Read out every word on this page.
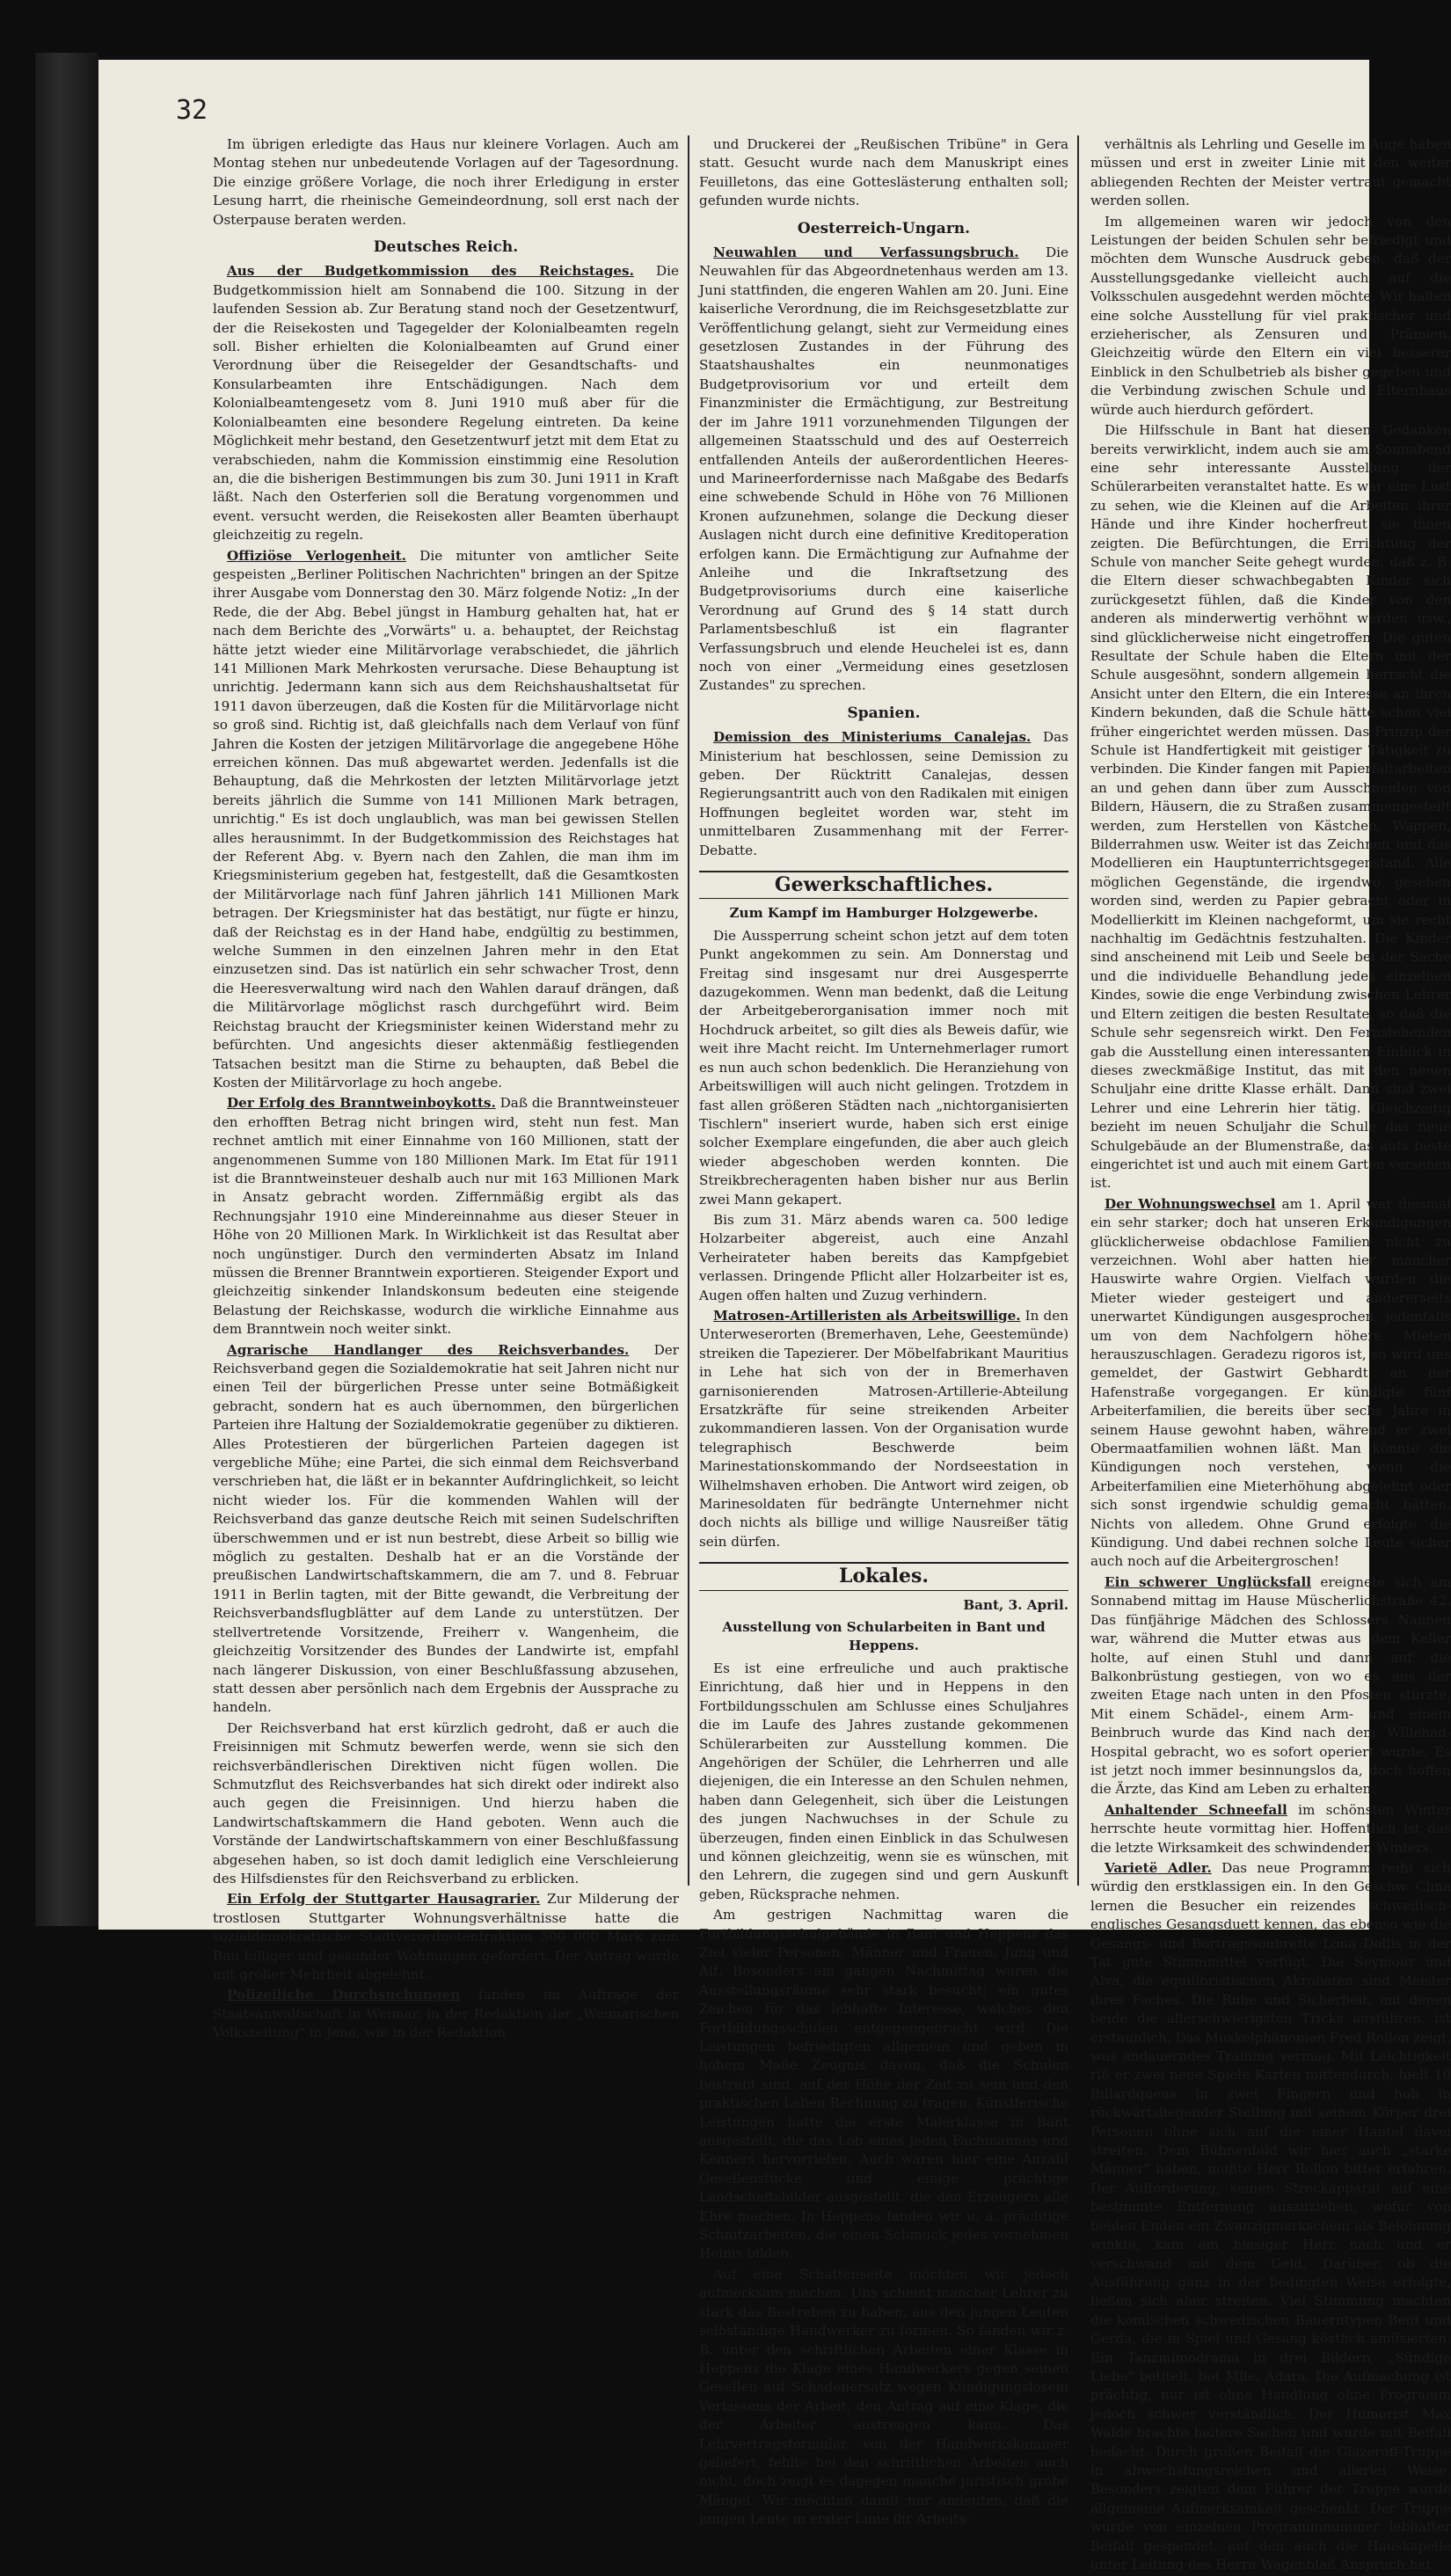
32

Im übrigen erledigte das Haus nur kleinere Vorlagen. Auch am Montag stehen nur unbedeutende Vorlagen auf der Tagesordnung. Die einzige größere Vorlage, die noch ihrer Erledigung in erster Lesung harrt, die rheinische Gemeindeordnung, soll erst nach der Osterpause beraten werden.

Deutsches Reich.

Aus der Budgetkommission des Reichstages. Die Budgetkommission hielt am Sonnabend die 100. Sitzung in der laufenden Session ab. Zur Beratung stand noch der Gesetzentwurf, der die Reisekosten und Tagegelder der Kolonialbeamten regeln soll. Bisher erhielten die Kolonialbeamten auf Grund einer Verordnung über die Reisegelder der Gesandtschafts- und Konsularbeamten ihre Entschädigungen. Nach dem Kolonialbeamtengesetz vom 8. Juni 1910 muß aber für die Kolonialbeamten eine besondere Regelung eintreten. Da keine Möglichkeit mehr bestand, den Gesetzentwurf jetzt mit dem Etat zu verabschieden, nahm die Kommission einstimmig eine Resolution an, die die bisherigen Bestimmungen bis zum 30. Juni 1911 in Kraft läßt. Nach den Osterferien soll die Beratung vorgenommen und event. versucht werden, die Reisekosten aller Beamten überhaupt gleichzeitig zu regeln.

Offiziöse Verlogenheit. Die mitunter von amtlicher Seite gespeisten „Berliner Politischen Nachrichten" bringen an der Spitze ihrer Ausgabe vom Donnerstag den 30. März folgende Notiz: „In der Rede, die der Abg. Bebel jüngst in Hamburg gehalten hat, hat er nach dem Berichte des „Vorwärts" u. a. behauptet, der Reichstag hätte jetzt wieder eine Militärvorlage verabschiedet, die jährlich 141 Millionen Mark Mehrkosten verursache. Diese Behauptung ist unrichtig. Jedermann kann sich aus dem Reichshaushaltsetat für 1911 davon überzeugen, daß die Kosten für die Militärvorlage nicht so groß sind. Richtig ist, daß gleichfalls nach dem Verlauf von fünf Jahren die Kosten der jetzigen Militärvorlage die angegebene Höhe erreichen können. Das muß abgewartet werden. Jedenfalls ist die Behauptung, daß die Mehrkosten der letzten Militärvorlage jetzt bereits jährlich die Summe von 141 Millionen Mark betragen, unrichtig." Es ist doch unglaublich, was man bei gewissen Stellen alles herausnimmt. In der Budgetkommission des Reichstages hat der Referent Abg. v. Byern nach den Zahlen, die man ihm im Kriegsministerium gegeben hat, festgestellt, daß die Gesamtkosten der Militärvorlage nach fünf Jahren jährlich 141 Millionen Mark betragen. Der Kriegsminister hat das bestätigt, nur fügte er hinzu, daß der Reichstag es in der Hand habe, endgültig zu bestimmen, welche Summen in den einzelnen Jahren mehr in den Etat einzusetzen sind. Das ist natürlich ein sehr schwacher Trost, denn die Heeresverwaltung wird nach den Wahlen darauf drängen, daß die Militärvorlage möglichst rasch durchgeführt wird. Beim Reichstag braucht der Kriegsminister keinen Widerstand mehr zu befürchten. Und angesichts dieser aktenmäßig festliegenden Tatsachen besitzt man die Stirne zu behaupten, daß Bebel die Kosten der Militärvorlage zu hoch angebe.

Der Erfolg des Branntweinboykotts. Daß die Branntweinsteuer den erhofften Betrag nicht bringen wird, steht nun fest. Man rechnet amtlich mit einer Einnahme von 160 Millionen, statt der angenommenen Summe von 180 Millionen Mark. Im Etat für 1911 ist die Branntweinsteuer deshalb auch nur mit 163 Millionen Mark in Ansatz gebracht worden. Ziffernmäßig ergibt als das Rechnungsjahr 1910 eine Mindereinnahme aus dieser Steuer in Höhe von 20 Millionen Mark. In Wirklichkeit ist das Resultat aber noch ungünstiger. Durch den verminderten Absatz im Inland müssen die Brenner Branntwein exportieren. Steigender Export und gleichzeitig sinkender Inlandskonsum bedeuten eine steigende Belastung der Reichskasse, wodurch die wirkliche Einnahme aus dem Branntwein noch weiter sinkt.

Agrarische Handlanger des Reichsverbandes. Der Reichsverband gegen die Sozialdemokratie hat seit Jahren nicht nur einen Teil der bürgerlichen Presse unter seine Botmäßigkeit gebracht, sondern hat es auch übernommen, den bürgerlichen Parteien ihre Haltung der Sozialdemokratie gegenüber zu diktieren. Alles Protestieren der bürgerlichen Parteien dagegen ist vergebliche Mühe; eine Partei, die sich einmal dem Reichsverband verschrieben hat, die läßt er in bekannter Aufdringlichkeit, so leicht nicht wieder los. Für die kommenden Wahlen will der Reichsverband das ganze deutsche Reich mit seinen Sudelschriften überschwemmen und er ist nun bestrebt, diese Arbeit so billig wie möglich zu gestalten. Deshalb hat er an die Vorstände der preußischen Landwirtschaftskammern, die am 7. und 8. Februar 1911 in Berlin tagten, mit der Bitte gewandt, die Verbreitung der Reichsverbandsflugblätter auf dem Lande zu unterstützen. Der stellvertretende Vorsitzende, Freiherr v. Wangenheim, die gleichzeitig Vorsitzender des Bundes der Landwirte ist, empfahl nach längerer Diskussion, von einer Beschlußfassung abzusehen, statt dessen aber persönlich nach dem Ergebnis der Aussprache zu handeln.

Der Reichsverband hat erst kürzlich gedroht, daß er auch die Freisinnigen mit Schmutz bewerfen werde, wenn sie sich den reichsverbändlerischen Direktiven nicht fügen wollen. Die Schmutzflut des Reichsverbandes hat sich direkt oder indirekt also auch gegen die Freisinnigen. Und hierzu haben die Landwirtschaftskammern die Hand geboten. Wenn auch die Vorstände der Landwirtschaftskammern von einer Beschlußfassung abgesehen haben, so ist doch damit lediglich eine Verschleierung des Hilfsdienstes für den Reichsverband zu erblicken.

Ein Erfolg der Stuttgarter Hausagrarier. Zur Milderung der trostlosen Stuttgarter Wohnungsverhältnisse hatte die sozialdemokratische Stadtverordnetenfraktion 500 000 Mark zum Bau billiger und gesunder Wohnungen gefordert. Der Antrag wurde mit großer Mehrheit abgelehnt.

Polizeiliche Durchsuchungen fanden im Auftrage der Staatsanwaltschaft in Weimar, in der Redaktion der „Weimarischen Volkszeitung" in Jena, wie in der Redaktion

und Druckerei der „Reußischen Tribüne" in Gera statt. Gesucht wurde nach dem Manuskript eines Feuilletons, das eine Gotteslästerung enthalten soll; gefunden wurde nichts.

Oesterreich-Ungarn.

Neuwahlen und Verfassungsbruch. Die Neuwahlen für das Abgeordnetenhaus werden am 13. Juni stattfinden, die engeren Wahlen am 20. Juni. Eine kaiserliche Verordnung, die im Reichsgesetzblatte zur Veröffentlichung gelangt, sieht zur Vermeidung eines gesetzlosen Zustandes in der Führung des Staatshaushaltes ein neunmonatiges Budgetprovisorium vor und erteilt dem Finanzminister die Ermächtigung, zur Bestreitung der im Jahre 1911 vorzunehmenden Tilgungen der allgemeinen Staatsschuld und des auf Oesterreich entfallenden Anteils der außerordentlichen Heeres- und Marineerfordernisse nach Maßgabe des Bedarfs eine schwebende Schuld in Höhe von 76 Millionen Kronen aufzunehmen, solange die Deckung dieser Auslagen nicht durch eine definitive Kreditoperation erfolgen kann. Die Ermächtigung zur Aufnahme der Anleihe und die Inkraftsetzung des Budgetprovisoriums durch eine kaiserliche Verordnung auf Grund des § 14 statt durch Parlamentsbeschluß ist ein flagranter Verfassungsbruch und elende Heuchelei ist es, dann noch von einer „Vermeidung eines gesetzlosen Zustandes" zu sprechen.

Spanien.

Demission des Ministeriums Canalejas. Das Ministerium hat beschlossen, seine Demission zu geben. Der Rücktritt Canalejas, dessen Regierungsantritt auch von den Radikalen mit einigen Hoffnungen begleitet worden war, steht im unmittelbaren Zusammenhang mit der Ferrer-Debatte.

Gewerkschaftliches.

Zum Kampf im Hamburger Holzgewerbe.

Die Aussperrung scheint schon jetzt auf dem toten Punkt angekommen zu sein. Am Donnerstag und Freitag sind insgesamt nur drei Ausgesperrte dazugekommen. Wenn man bedenkt, daß die Leitung der Arbeitgeberorganisation immer noch mit Hochdruck arbeitet, so gilt dies als Beweis dafür, wie weit ihre Macht reicht. Im Unternehmerlager rumort es nun auch schon bedenklich. Die Heranziehung von Arbeitswilligen will auch nicht gelingen. Trotzdem in fast allen größeren Städten nach „nichtorganisierten Tischlern" inseriert wurde, haben sich erst einige solcher Exemplare eingefunden, die aber auch gleich wieder abgeschoben werden konnten. Die Streikbrecheragenten haben bisher nur aus Berlin zwei Mann gekapert.

Bis zum 31. März abends waren ca. 500 ledige Holzarbeiter abgereist, auch eine Anzahl Verheirateter haben bereits das Kampfgebiet verlassen. Dringende Pflicht aller Holzarbeiter ist es, Augen offen halten und Zuzug verhindern.

Matrosen-Artilleristen als Arbeitswillige. In den Unterweserorten (Bremerhaven, Lehe, Geestemünde) streiken die Tapezierer. Der Möbelfabrikant Mauritius in Lehe hat sich von der in Bremerhaven garnisonierenden Matrosen-Artillerie-Abteilung Ersatzkräfte für seine streikenden Arbeiter zukommandieren lassen. Von der Organisation wurde telegraphisch Beschwerde beim Marinestationskommando der Nordseestation in Wilhelmshaven erhoben. Die Antwort wird zeigen, ob Marinesoldaten für bedrängte Unternehmer nicht doch nichts als billige und willige Nausreißer tätig sein dürfen.

Lokales.

Bant, 3. April.

Ausstellung von Schularbeiten in Bant und Heppens.

Es ist eine erfreuliche und auch praktische Einrichtung, daß hier und in Heppens in den Fortbildungsschulen am Schlusse eines Schuljahres die im Laufe des Jahres zustande gekommenen Schülerarbeiten zur Ausstellung kommen. Die Angehörigen der Schüler, die Lehrherren und alle diejenigen, die ein Interesse an den Schulen nehmen, haben dann Gelegenheit, sich über die Leistungen des jungen Nachwuchses in der Schule zu überzeugen, finden einen Einblick in das Schulwesen und können gleichzeitig, wenn sie es wünschen, mit den Lehrern, die zugegen sind und gern Auskunft geben, Rücksprache nehmen.

Am gestrigen Nachmittag waren die Fortbildungsschulgebäude in Bant und Heppens das Ziel vieler Personen, Männer und Frauen, Jung und Alt. Besonders am gangen Nachmittag waren die Ausstellungsräume sehr stark besucht; ein gutes Zeichen für das lebhafte Interesse, welches den Fortbildungsschulen entgegengebracht wird. Die Leistungen befriedigten allgemein und geben in hohem Maße Zeugnis davon, daß die Schulen bestrebt sind, auf der Höhe der Zeit zu sein und den praktischen Leben Rechnung zu tragen. Künstlerische Leistungen hatte die erste Malerklasse in Bant ausgestellt, die das Lob eines jeden Fachmannes und Kenners hervorriefen. Auch waren hier eine Anzahl Gesellenstücke und einige prächtige Landschaftsbilder ausgestellt, die den Erzeugern alle Ehre machen. In Heppens fanden wir u. a. prächtige Schnitzarbeiten, die einen Schmuck jedes vornehmen Heims bilden.

Auf eine Schattenseite möchten wir jedoch aufmerksam machen. Uns scheint mancher Lehrer zu stark das Bestreben zu haben, aus den jungen Leuten selbständige Handwerker zu formen. So fanden wir z. B. unter den schriftlichen Arbeiten einer Klasse in Heppens die Klage eines Handwerkers gegen seinen Gesellen auf Schadenersatz wegen Kündigungslosem Verlassens der Arbeit, den Antrag auf eine Klage, die der Arbeiter anstrengen kann. Das Lehrvertragsformular, von der Handwerkskammer geliefert, fehlte bei den schriftlichen Arbeiten auch nicht; doch zeigt es dagegen manche juristisch grobe Mängel. Wir möchten damit nur andeuten, daß die jungen Leute in erster Linie ihr Arbeits-

verhältnis als Lehrling und Geselle im Auge haben müssen und erst in zweiter Linie mit den weiter abliegenden Rechten der Meister vertraut gemacht werden sollen.

Im allgemeinen waren wir jedoch von den Leistungen der beiden Schulen sehr befriedigt und möchten dem Wunsche Ausdruck geben, daß der Ausstellungsgedanke vielleicht auch auf die Volksschulen ausgedehnt werden möchte. Wir halten eine solche Ausstellung für viel praktischer und erzieherischer, als Zensuren und Prämien. Gleichzeitig würde den Eltern ein viel besserer Einblick in den Schulbetrieb als bisher gegeben und die Verbindung zwischen Schule und Elternhaus würde auch hierdurch gefördert.

Die Hilfsschule in Bant hat diesen Gedanken bereits verwirklicht, indem auch sie am Sonnabend eine sehr interessante Ausstellung der Schülerarbeiten veranstaltet hatte. Es war eine Lust zu sehen, wie die Kleinen auf die Arbeiten ihrer Hände und ihre Kinder hocherfreut sie ihnen zeigten. Die Befürchtungen, die Errichtung der Schule von mancher Seite gehegt wurden, daß z. B. die Eltern dieser schwachbegabten Kinder sich zurückgesetzt fühlen, daß die Kinder von den anderen als minderwertig verhöhnt werden usw., sind glücklicherweise nicht eingetroffen. Die guten Resultate der Schule haben die Eltern mit der Schule ausgesöhnt, sondern allgemein herrscht die Ansicht unter den Eltern, die ein Interesse an ihren Kindern bekunden, daß die Schule hätte schon viel früher eingerichtet werden müssen. Das Prinzip der Schule ist Handfertigkeit mit geistiger Tätigkeit zu verbinden. Die Kinder fangen mit Papierfaltarbeiten an und gehen dann über zum Ausschneiden von Bildern, Häusern, die zu Straßen zusammengestellt werden, zum Herstellen von Kästchen, Wappen, Bilderrahmen usw. Weiter ist das Zeichnen und das Modellieren ein Hauptunterrichtsgegenstand. Alle möglichen Gegenstände, die irgendwo gesehen worden sind, werden zu Papier gebracht oder in Modellierkitt im Kleinen nachgeformt, um sie recht nachhaltig im Gedächtnis festzuhalten. Die Kinder sind anscheinend mit Leib und Seele bei der Sache und die individuelle Behandlung jedes einzelnen Kindes, sowie die enge Verbindung zwischen Lehrer und Eltern zeitigen die besten Resultate, so daß die Schule sehr segensreich wirkt. Den Fernstehenden gab die Ausstellung einen interessanten Einblick in dieses zweckmäßige Institut, das mit den neuen Schuljahr eine dritte Klasse erhält. Dann sind zwei Lehrer und eine Lehrerin hier tätig. Gleichzeitig bezieht im neuen Schuljahr die Schule das neue Schulgebäude an der Blumenstraße, das aufs beste eingerichtet ist und auch mit einem Garten versehen ist.

Der Wohnungswechsel am 1. April war diesmal ein sehr starker; doch hat unseren Erkundigungen glücklicherweise obdachlose Familien nicht zu verzeichnen. Wohl aber hatten hier mancher Hauswirte wahre Orgien. Vielfach wurden die Mieter wieder gesteigert und andererseits unerwartet Kündigungen ausgesprochen, jedenfalls um von dem Nachfolgern höhere Mieten herauszuschlagen. Geradezu rigoros ist, so wird uns gemeldet, der Gastwirt Gebhardt an der Hafenstraße vorgegangen. Er kündigte fünf Arbeiterfamilien, die bereits über sechs Jahre in seinem Hause gewohnt haben, während er zwei Obermaatfamilien wohnen läßt. Man könnte die Kündigungen noch verstehen, wenn die Arbeiterfamilien eine Mieterhöhung abgelehnt oder sich sonst irgendwie schuldig gemacht hätten. Nichts von alledem. Ohne Grund erfolgte die Kündigung. Und dabei rechnen solche Leute sicher auch noch auf die Arbeitergroschen!

Ein schwerer Unglücksfall ereignete sich am Sonnabend mittag im Hause Müscherlichstraße 42. Das fünfjährige Mädchen des Schlossers Nannen war, während die Mutter etwas aus dem Keller holte, auf einen Stuhl und dann auf die Balkonbrüstung gestiegen, von wo es aus der zweiten Etage nach unten in den Pfosten stürzte. Mit einem Schädel-, einem Arm- und einem Beinbruch wurde das Kind nach dem Willehad-Hospital gebracht, wo es sofort operiert wurde. Es ist jetzt noch immer besinnungslos da, doch hoffen die Ärzte, das Kind am Leben zu erhalten.

Anhaltender Schneefall im schönsten Winter herrschte heute vormittag hier. Hoffentlich ist das die letzte Wirksamkeit des schwindenden Winters.

Varietë Adler. Das neue Programm reiht sich würdig den erstklassigen ein. In den Geschw. Clina lernen die Besucher ein reizendes schwedisch-englisches Gesangsduett kennen, das ebenso wie die Gesangs- und Bortragssoubrette Lona Dollis in der Tat gute Stimmmittel verfügt. Die Seymour und Alva, die equilibristischen Akrobaten sind Meister ihres Faches. Die Ruhe und Sicherheit, mit denen beide die allerschwierigsten Tricks ausführen, ist erstaunlich. Das Muskelphänomen Fred Rollon zeigt, was andauerndes Training vermag. Mit Leichtigkeit riß er zwei neue Spiele Karten mittendurch, hielt 10 Billardqueus in zwei Fingern und hob in rückwärtsliegender Stellung mit seinem Körper drei Personen ohne sich auf die einer Hantel davei streiten. Dem Bühnenbild wir hier auch „starke Männer" haben, mußte Herr Rollon bitter erfahren. Der Aufforderung, seinen Streckapparat auf eine bestimmte Entfernung auszuziehen, wofür von beiden Enden ein Zwanzigmarkschein als Belohnung winkte, kam ein hiesiger Herr nach und er verschwand mit dem Geld. Darüber, ob die Ausführung ganz in der bedingten Weise erfolgte, ließen sich aber streiten. Viel Stimmung machten die komischen schwedischen Bauerntypen Bent und Gerda, die in Spiel und Gesang köstlich amüsierten. Ein Tanzmimodrama in drei Bildern, „Sündige Liebe" betitelt, bot Mlle. Adara. Die Aufmachung ist prächtig, nur ist ohne Handlung ohne Programm jedoch schwer verständlich. Der Humorist Max Walde brachte heitere Sachen und wurde mit Beifall bedacht. Durch großen Beifall die Glazeroff-Truppe in abwechslungsreichen und allerlei Weise. Besonders zeigten dem Führer der Truppe wurde allgemeine Aufmerksamkeit geschenkt. Der Truppe wurde von einzelnen Programmnummer lebhafter Beifall gespendet, auf den auch die Hauskapelle unter Leitung des Herrn Wagenblaß Anspruch hat.
